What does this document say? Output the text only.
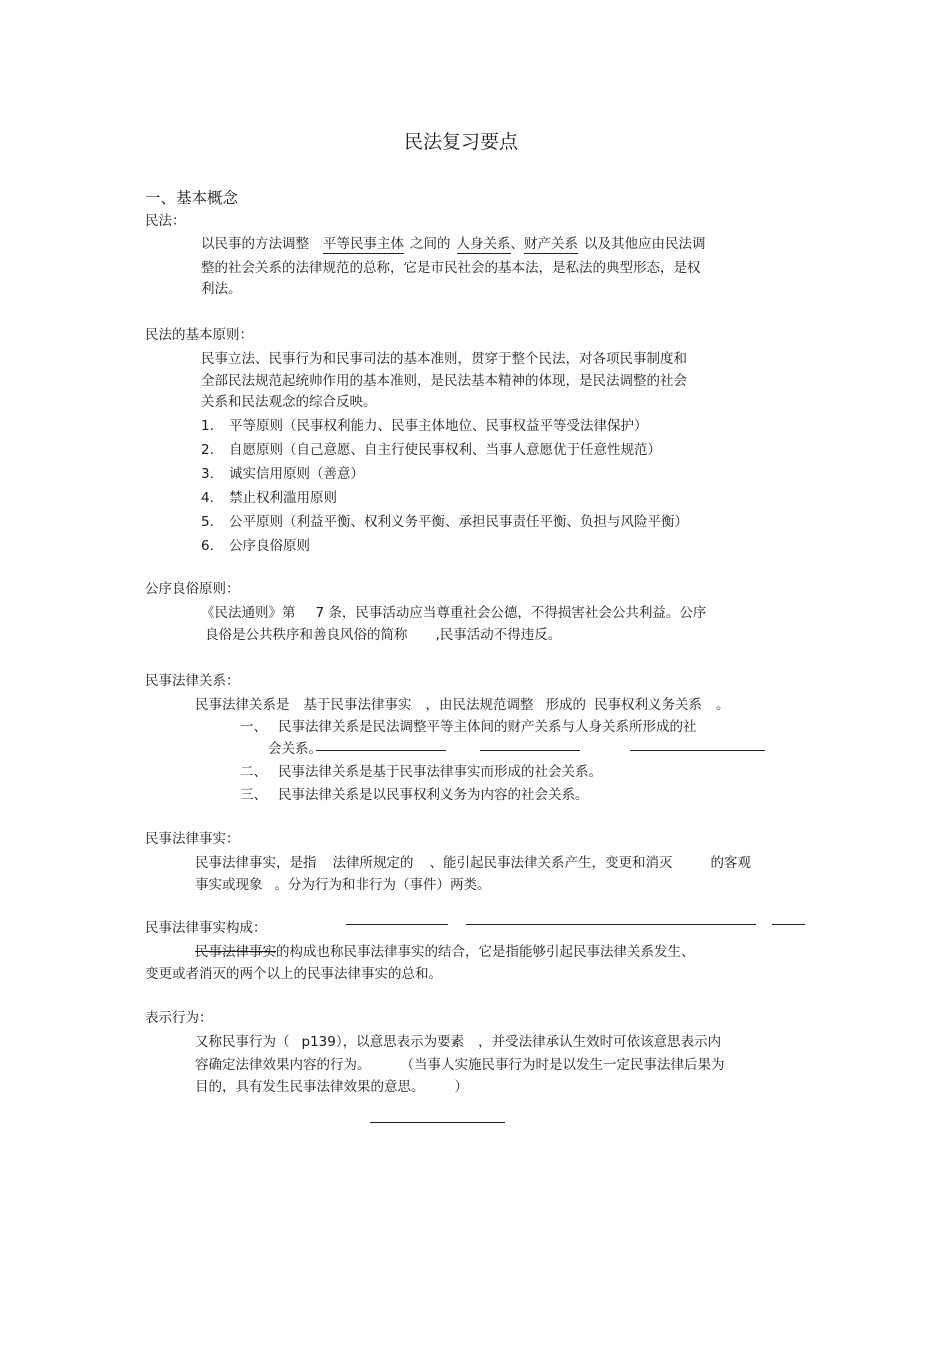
民法复习要点
一、基本概念
民法：
以民事的方法调整 平等民事主体 之间的 人身关系、财产关系 以及其他应由民法调
整的社会关系的法律规范的总称，它是市民社会的基本法，是私法的典型形态，是权
利法。
民法的基本原则：
民事立法、民事行为和民事司法的基本准则，贯穿于整个民法，对各项民事制度和
全部民法规范起统帅作用的基本准则，是民法基本精神的体现，是民法调整的社会
关系和民法观念的综合反映。
1. 平等原则（民事权利能力、民事主体地位、民事权益平等受法律保护）
2. 自愿原则（自己意愿、自主行使民事权利、当事人意愿优于任意性规范）
3. 诚实信用原则（善意）
4. 禁止权利滥用原则
5. 公平原则（利益平衡、权利义务平衡、承担民事责任平衡、负担与风险平衡）
6. 公序良俗原则
公序良俗原则：
《民法通则》第 7 条，民事活动应当尊重社会公德，不得损害社会公共利益。公序
良俗是公共秩序和善良风俗的简称 ,民事活动不得违反。
民事法律关系：
民事法律关系是 基于民事法律事实 ，由民法规范调整 形成的 民事权利义务关系 。
一、 民事法律关系是民法调整平等主体间的财产关系与人身关系所形成的社
会关系。
二、 民事法律关系是基于民事法律事实而形成的社会关系。
三、 民事法律关系是以民事权利义务为内容的社会关系。
民事法律事实：
民事法律事实，是指 法律所规定的 、能引起民事法律关系产生，变更和消灭	的客观
事实或现象 。分为行为和非行为（事件）两类。
民事法律事实构成：
民事法律事实的构成也称民事法律事实的结合，它是指能够引起民事法律关系发生、
变更或者消灭的两个以上的民事法律事实的总和。
表示行为：
又称民事行为（ p139），以意思表示为要素 ，并受法律承认生效时可依该意思表示内
容确定法律效果内容的行为。 （当事人实施民事行为时是以发生一定民事法律后果为
目的，具有发生民事法律效果的意思。 ）
